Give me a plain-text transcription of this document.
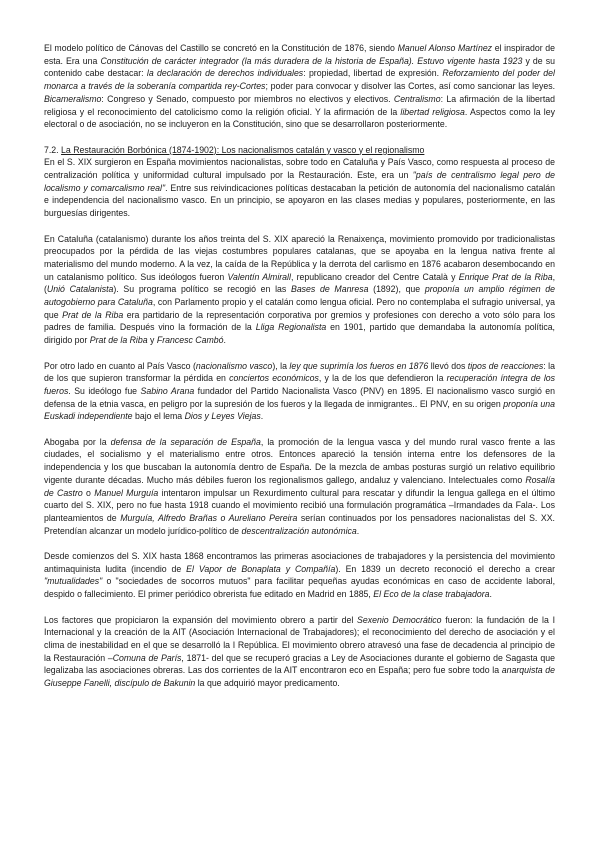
El modelo político de Cánovas del Castillo se concretó en la Constitución de 1876, siendo Manuel Alonso Martínez el inspirador de esta. Era una Constitución de carácter integrador (la más duradera de la historia de España). Estuvo vigente hasta 1923 y de su contenido cabe destacar: la declaración de derechos individuales: propiedad, libertad de expresión. Reforzamiento del poder del monarca a través de la soberanía compartida rey-Cortes; poder para convocar y disolver las Cortes, así como sancionar las leyes. Bicameralismo: Congreso y Senado, compuesto por miembros no electivos y electivos. Centralismo: La afirmación de la libertad religiosa y el reconocimiento del catolicismo como la religión oficial. Y la afirmación de la libertad religiosa. Aspectos como la ley electoral o de asociación, no se incluyeron en la Constitución, sino que se desarrollaron posteriormente.

7.2. La Restauración Borbónica (1874-1902): Los nacionalismos catalán y vasco y el regionalismo

En el S. XIX surgieron en España movimientos nacionalistas, sobre todo en Cataluña y País Vasco, como respuesta al proceso de centralización política y uniformidad cultural impulsado por la Restauración. Este, era un "país de centralismo legal pero de localismo y comarcalismo real". Entre sus reivindicaciones políticas destacaban la petición de autonomía del nacionalismo catalán e independencia del nacionalismo vasco. En un principio, se apoyaron en las clases medias y populares, posteriormente, en las burguesías dirigentes.

En Cataluña (catalanismo) durante los años treinta del S. XIX apareció la Renaixença, movimiento promovido por tradicionalistas preocupados por la pérdida de las viejas costumbres populares catalanas, que se apoyaba en la lengua nativa frente al materialismo del mundo moderno. A la vez, la caída de la República y la derrota del carlismo en 1876 acabaron desembocando en un catalanismo político. Sus ideólogos fueron Valentín Almirall, republicano creador del Centre Català y Enrique Prat de la Riba, (Unió Catalanista). Su programa político se recogió en las Bases de Manresa (1892), que proponía un amplio régimen de autogobierno para Cataluña, con Parlamento propio y el catalán como lengua oficial. Pero no contemplaba el sufragio universal, ya que Prat de la Riba era partidario de la representación corporativa por gremios y profesiones con derecho a voto sólo para los padres de familia. Después vino la formación de la Lliga Regionalista en 1901, partido que demandaba la autonomía política, dirigido por Prat de la Riba y Francesc Cambó.

Por otro lado en cuanto al País Vasco (nacionalismo vasco), la ley que suprimía los fueros en 1876 llevó dos tipos de reacciones: la de los que supieron transformar la pérdida en conciertos económicos, y la de los que defendieron la recuperación íntegra de los fueros. Su ideólogo fue Sabino Arana fundador del Partido Nacionalista Vasco (PNV) en 1895. El nacionalismo vasco surgió en defensa de la etnia vasca, en peligro por la supresión de los fueros y la llegada de inmigrantes.. El PNV, en su origen proponía una Euskadi independiente bajo el lema Dios y Leyes Viejas.

Abogaba por la defensa de la separación de España, la promoción de la lengua vasca y del mundo rural vasco frente a las ciudades, el socialismo y el materialismo entre otros. Entonces apareció la tensión interna entre los defensores de la independencia y los que buscaban la autonomía dentro de España. De la mezcla de ambas posturas surgió un relativo equilibrio vigente durante décadas. Mucho más débiles fueron los regionalismos gallego, andaluz y valenciano. Intelectuales como Rosalía de Castro o Manuel Murguía intentaron impulsar un Rexurdimento cultural para rescatar y difundir la lengua gallega en el último cuarto del S. XIX, pero no fue hasta 1918 cuando el movimiento recibió una formulación programática –Irmandades da Fala-. Los planteamientos de Murguía, Alfredo Brañas o Aureliano Pereira serían continuados por los pensadores nacionalistas del S. XX. Pretendían alcanzar un modelo jurídico-político de descentralización autonómica.

Desde comienzos del S. XIX hasta 1868 encontramos las primeras asociaciones de trabajadores y la persistencia del movimiento antimaquinista ludita (incendio de El Vapor de Bonaplata y Compañía). En 1839 un decreto reconoció el derecho a crear "mutualidades" o "sociedades de socorros mutuos" para facilitar pequeñas ayudas económicas en caso de accidente laboral, despido o fallecimiento. El primer periódico obrerista fue editado en Madrid en 1885, El Eco de la clase trabajadora.

Los factores que propiciaron la expansión del movimiento obrero a partir del Sexenio Democrático fueron: la fundación de la I Internacional y la creación de la AIT (Asociación Internacional de Trabajadores); el reconocimiento del derecho de asociación y el clima de inestabilidad en el que se desarrolló la I República. El movimiento obrero atravesó una fase de decadencia al principio de la Restauración –Comuna de París, 1871- del que se recuperó gracias a Ley de Asociaciones durante el gobierno de Sagasta que legalizaba las asociaciones obreras. Las dos corrientes de la AIT encontraron eco en España; pero fue sobre todo la anarquista de Giuseppe Fanelli, discípulo de Bakunin la que adquirió mayor predicamento.
